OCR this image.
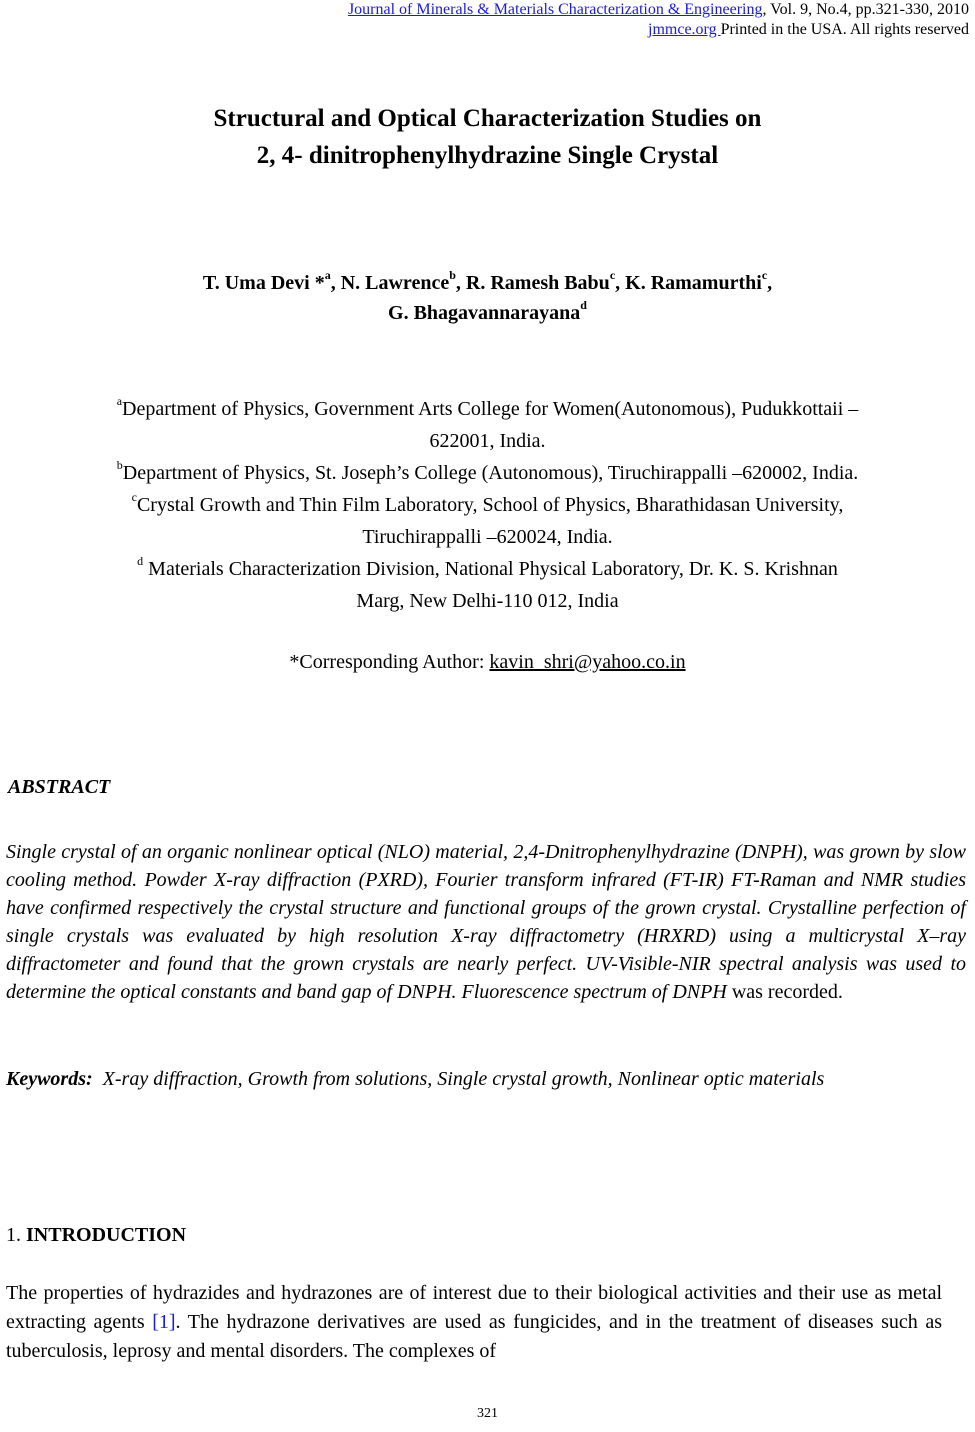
Journal of Minerals & Materials Characterization & Engineering, Vol. 9, No.4, pp.321-330, 2010
jmmce.org Printed in the USA. All rights reserved
Structural and Optical Characterization Studies on
2, 4- dinitrophenylhydrazine Single Crystal
T. Uma Devi *$^a$, N. Lawrence$^b$, R. Ramesh Babu$^c$, K. Ramamurthi$^c$,
G. Bhagavannarayana$^d$
$^a$Department of Physics, Government Arts College for Women(Autonomous), Pudukkottaii –
622001, India.
$^b$Department of Physics, St. Joseph’s College (Autonomous), Tiruchirappalli –620002, India.
$^c$Crystal Growth and Thin Film Laboratory, School of Physics, Bharathidasan University,
Tiruchirappalli –620024, India.
$^d$ Materials Characterization Division, National Physical Laboratory, Dr. K. S. Krishnan
Marg, New Delhi-110 012, India
*Corresponding Author: kavin_shri@yahoo.co.in
ABSTRACT
Single crystal of an organic nonlinear optical (NLO) material, 2,4-Dnitrophenylhydrazine (DNPH), was grown by slow cooling method. Powder X-ray diffraction (PXRD), Fourier transform infrared (FT-IR) FT-Raman and NMR studies have confirmed respectively the crystal structure and functional groups of the grown crystal. Crystalline perfection of single crystals was evaluated by high resolution X-ray diffractometry (HRXRD) using a multicrystal X–ray diffractometer and found that the grown crystals are nearly perfect. UV-Visible-NIR spectral analysis was used to determine the optical constants and band gap of DNPH. Fluorescence spectrum of DNPH was recorded.
Keywords:  X-ray diffraction, Growth from solutions, Single crystal growth, Nonlinear optic materials
1. INTRODUCTION
The properties of hydrazides and hydrazones are of interest due to their biological activities and their use as metal extracting agents [1]. The hydrazone derivatives are used as fungicides, and in the treatment of diseases such as tuberculosis, leprosy and mental disorders. The complexes of
321
